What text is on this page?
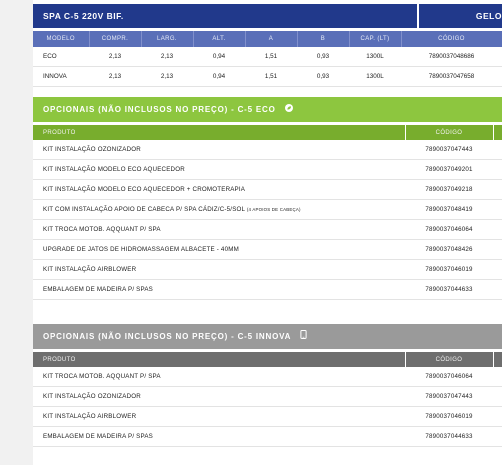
SPA C-5 220V BIF.	GELO
MODELO	COMPR.	LARG.	ALT.	A	B	CAP. (LT)	CÓDIGO
ECO	2,13	2,13	0,94	1,51	0,93	1300L	7890037048686
INNOVA	2,13	2,13	0,94	1,51	0,93	1300L	7890037047658
OPCIONAIS (NÃO INCLUSOS NO PREÇO) - C-5 ECO
PRODUTO	CÓDIGO	
KIT INSTALAÇÃO OZONIZADOR	7890037047443	
KIT INSTALAÇÃO MODELO ECO AQUECEDOR	7890037049201	
KIT INSTALAÇÃO MODELO ECO AQUECEDOR + CROMOTERAPIA	7890037049218	
KIT COM INSTALAÇÃO APOIO DE CABECA P/ SPA CÁDIZ/C-5/SOL (4 APOIOS DE CABEÇA)	7890037048419	
KIT TROCA MOTOB. AQQUANT P/ SPA	7890037046064	
UPGRADE DE JATOS DE HIDROMASSAGEM ALBACETE - 40MM	7890037048426	
KIT INSTALAÇÃO AIRBLOWER	7890037046019	
EMBALAGEM DE MADEIRA P/ SPAS	7890037044633	
OPCIONAIS (NÃO INCLUSOS NO PREÇO) - C-5 INNOVA
PRODUTO	CÓDIGO	
KIT TROCA MOTOB. AQQUANT P/ SPA	7890037046064	
KIT INSTALAÇÃO OZONIZADOR	7890037047443	
KIT INSTALAÇÃO AIRBLOWER	7890037046019	
EMBALAGEM DE MADEIRA P/ SPAS	7890037044633	
